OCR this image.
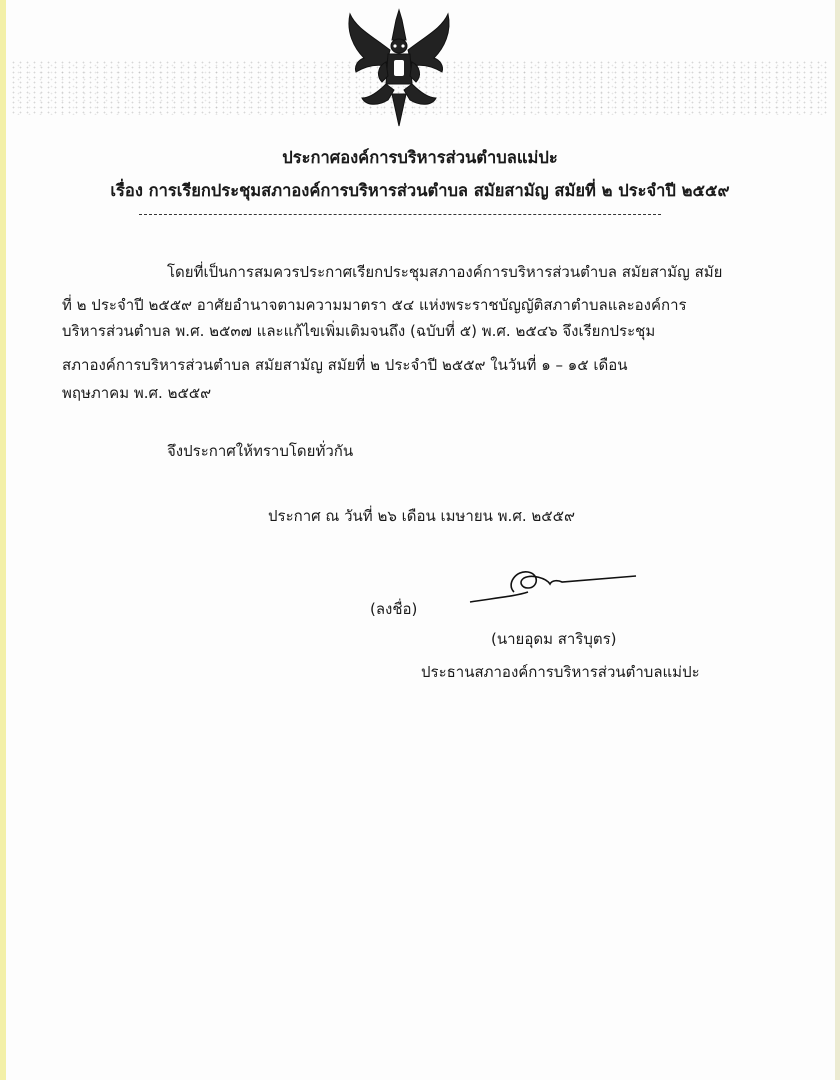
ประกาศองค์การบริหารส่วนตำบลแม่ปะ
เรื่อง การเรียกประชุมสภาองค์การบริหารส่วนตำบล สมัยสามัญ สมัยที่ ๒ ประจำปี ๒๕๕๙
โดยที่เป็นการสมควรประกาศเรียกประชุมสภาองค์การบริหารส่วนตำบล สมัยสามัญ สมัย
ที่ ๒ ประจำปี ๒๕๕๙ อาศัยอำนาจตามความมาตรา ๕๔ แห่งพระราชบัญญัติสภาตำบลและองค์การ
บริหารส่วนตำบล พ.ศ. ๒๕๓๗ และแก้ไขเพิ่มเติมจนถึง (ฉบับที่ ๕) พ.ศ. ๒๕๔๖ จึงเรียกประชุม
สภาองค์การบริหารส่วนตำบล สมัยสามัญ สมัยที่ ๒ ประจำปี ๒๕๕๙ ในวันที่ ๑ – ๑๕ เดือน
พฤษภาคม พ.ศ. ๒๕๕๙
จึงประกาศให้ทราบโดยทั่วกัน
ประกาศ ณ วันที่ ๒๖ เดือน เมษายน พ.ศ. ๒๕๕๙
(ลงชื่อ)
(นายอุดม สาริบุตร)
ประธานสภาองค์การบริหารส่วนตำบลแม่ปะ
